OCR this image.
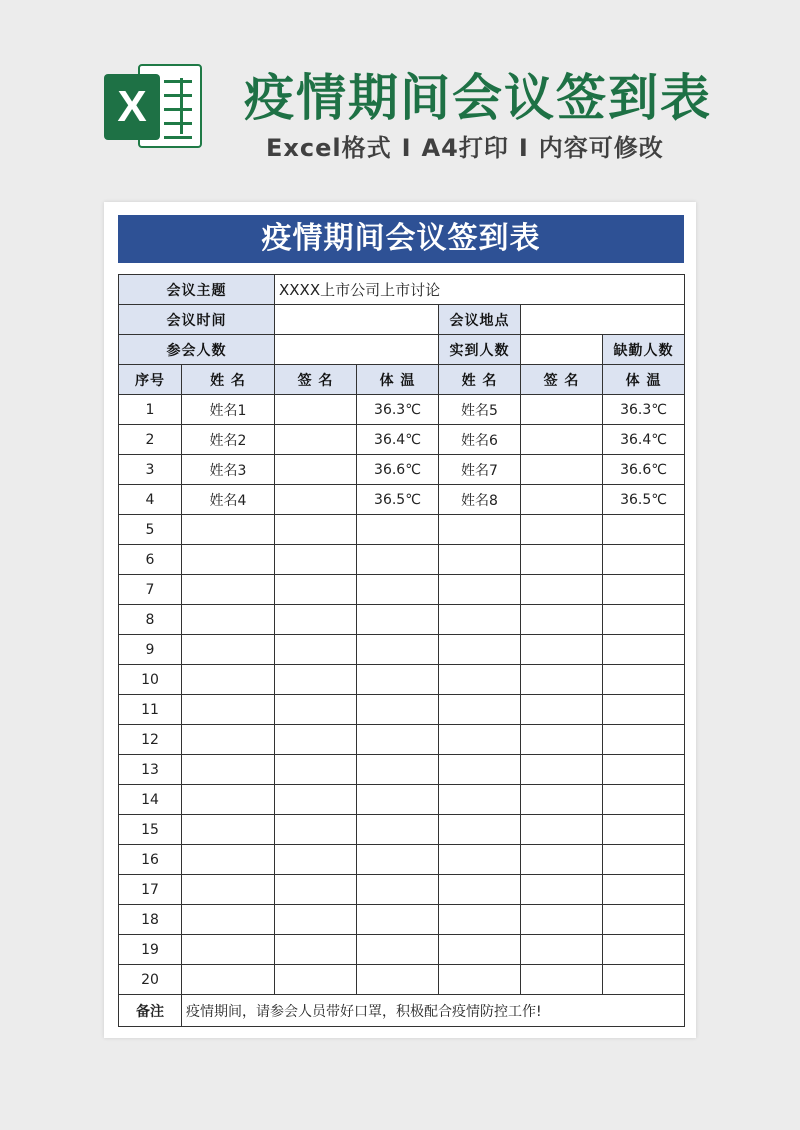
X 疫情期间会议签到表
Excel格式 I A4打印 I 内容可修改
疫情期间会议签到表
会议主题		XXXX上市公司上市讨论				
会议时间				会议地点		
参会人数				实到人数		缺勤人数
序号	姓 名	签 名	体 温	姓 名	签 名	体 温
1	姓名1		36.3℃	姓名5		36.3℃
2	姓名2		36.4℃	姓名6		36.4℃
3	姓名3		36.6℃	姓名7		36.6℃
4	姓名4		36.5℃	姓名8		36.5℃
5						
6						
7						
8						
9						
10						
11						
12						
13						
14						
15						
16						
17						
18						
19						
20						
备注	疫情期间，请参会人员带好口罩，积极配合疫情防控工作!					
